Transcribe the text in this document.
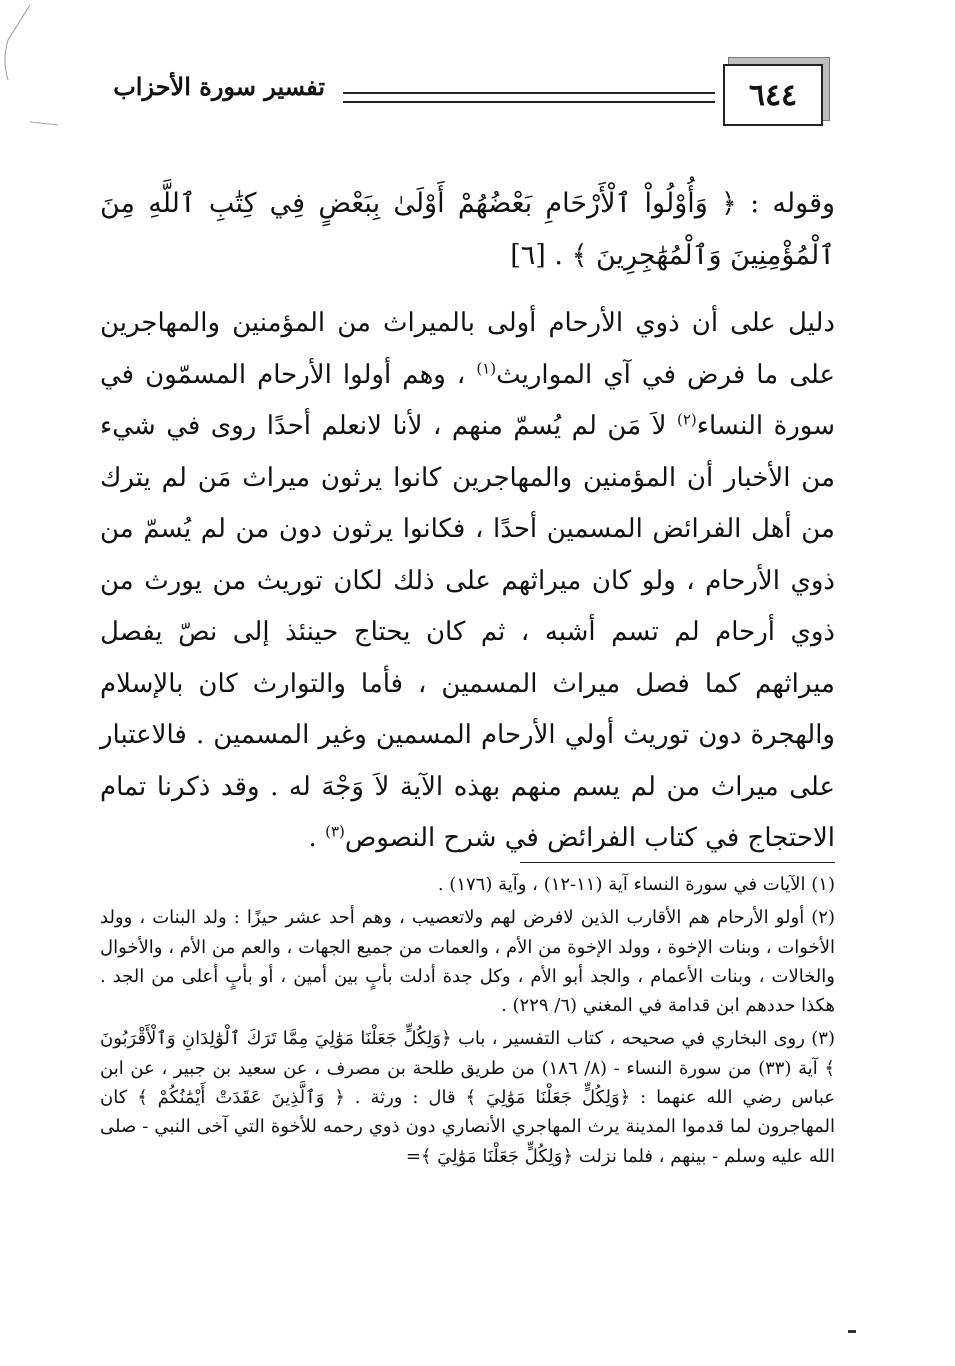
٦٤٤
تفسير سورة الأحزاب
وقوله : ﴿ وَأُوْلُواْ ٱلْأَرْحَامِ بَعْضُهُمْ أَوْلَىٰ بِبَعْضٍ فِي كِتَٰبِ ٱللَّهِ مِنَ ٱلْمُؤْمِنِينَ وَٱلْمُهَٰجِرِينَ ﴾ . [٦]
دليل على أن ذوي الأرحام أولى بالميراث من المؤمنين والمهاجرين على ما فرض في آي المواريث$^{(١)}$ ، وهم أولوا الأرحام المسمّون في سورة النساء$^{(٢)}$ لاَ مَن لم يُسمّ منهم ، لأنا لانعلم أحدًا روى في شيء من الأخبار أن المؤمنين والمهاجرين كانوا يرثون ميراث مَن لم يترك من أهل الفرائض المسمين أحدًا ، فكانوا يرثون دون من لم يُسمّ من ذوي الأرحام ، ولو كان ميراثهم على ذلك لكان توريث من يورث من ذوي أرحام لم تسم أشبه ، ثم كان يحتاج حينئذ إلى نصّ يفصل ميراثهم كما فصل ميراث المسمين ، فأما والتوارث كان بالإسلام والهجرة دون توريث أولي الأرحام المسمين وغير المسمين . فالاعتبار على ميراث من لم يسم منهم بهذه الآية لاَ وَجْهَ له . وقد ذكرنا تمام الاحتجاج في كتاب الفرائض في شرح النصوص$^{(٣)}$ .

(١) الآيات في سورة النساء آية (١١-١٢) ، وآية (١٧٦) .

(٢) أولو الأرحام هم الأقارب الذين لافرض لهم ولاتعصيب ، وهم أحد عشر حيزًا : ولد البنات ، وولد الأخوات ، وبنات الإخوة ، وولد الإخوة من الأم ، والعمات من جميع الجهات ، والعم من الأم ، والأخوال والخالات ، وبنات الأعمام ، والجد أبو الأم ، وكل جدة أدلت بأبٍ بين أمين ، أو بأبٍ أعلى من الجد . هكذا حددهم ابن قدامة في المغني (٦/ ٢٢٩) .

(٣) روى البخاري في صحيحه ، كتاب التفسير ، باب ﴿وَلِكُلٍّ جَعَلْنَا مَوَٰلِيَ مِمَّا تَرَكَ ٱلْوَٰلِدَانِ وَٱلْأَقْرَبُونَ ﴾ آية (٣٣) من سورة النساء - (٨/ ١٨٦) من طريق طلحة بن مصرف ، عن سعيد بن جبير ، عن ابن عباس رضي الله عنهما : ﴿وَلِكُلٍّ جَعَلْنَا مَوَٰلِيَ ﴾ قال : ورثة . ﴿ وَٱلَّذِينَ عَقَدَتْ أَيْمَٰنُكُمْ ﴾ كان المهاجرون لما قدموا المدينة يرث المهاجري الأنصاري دون ذوي رحمه للأخوة التي آخى النبي - صلى الله عليه وسلم - بينهم ، فلما نزلت ﴿وَلِكُلٍّ جَعَلْنَا مَوَٰلِيَ ﴾=
